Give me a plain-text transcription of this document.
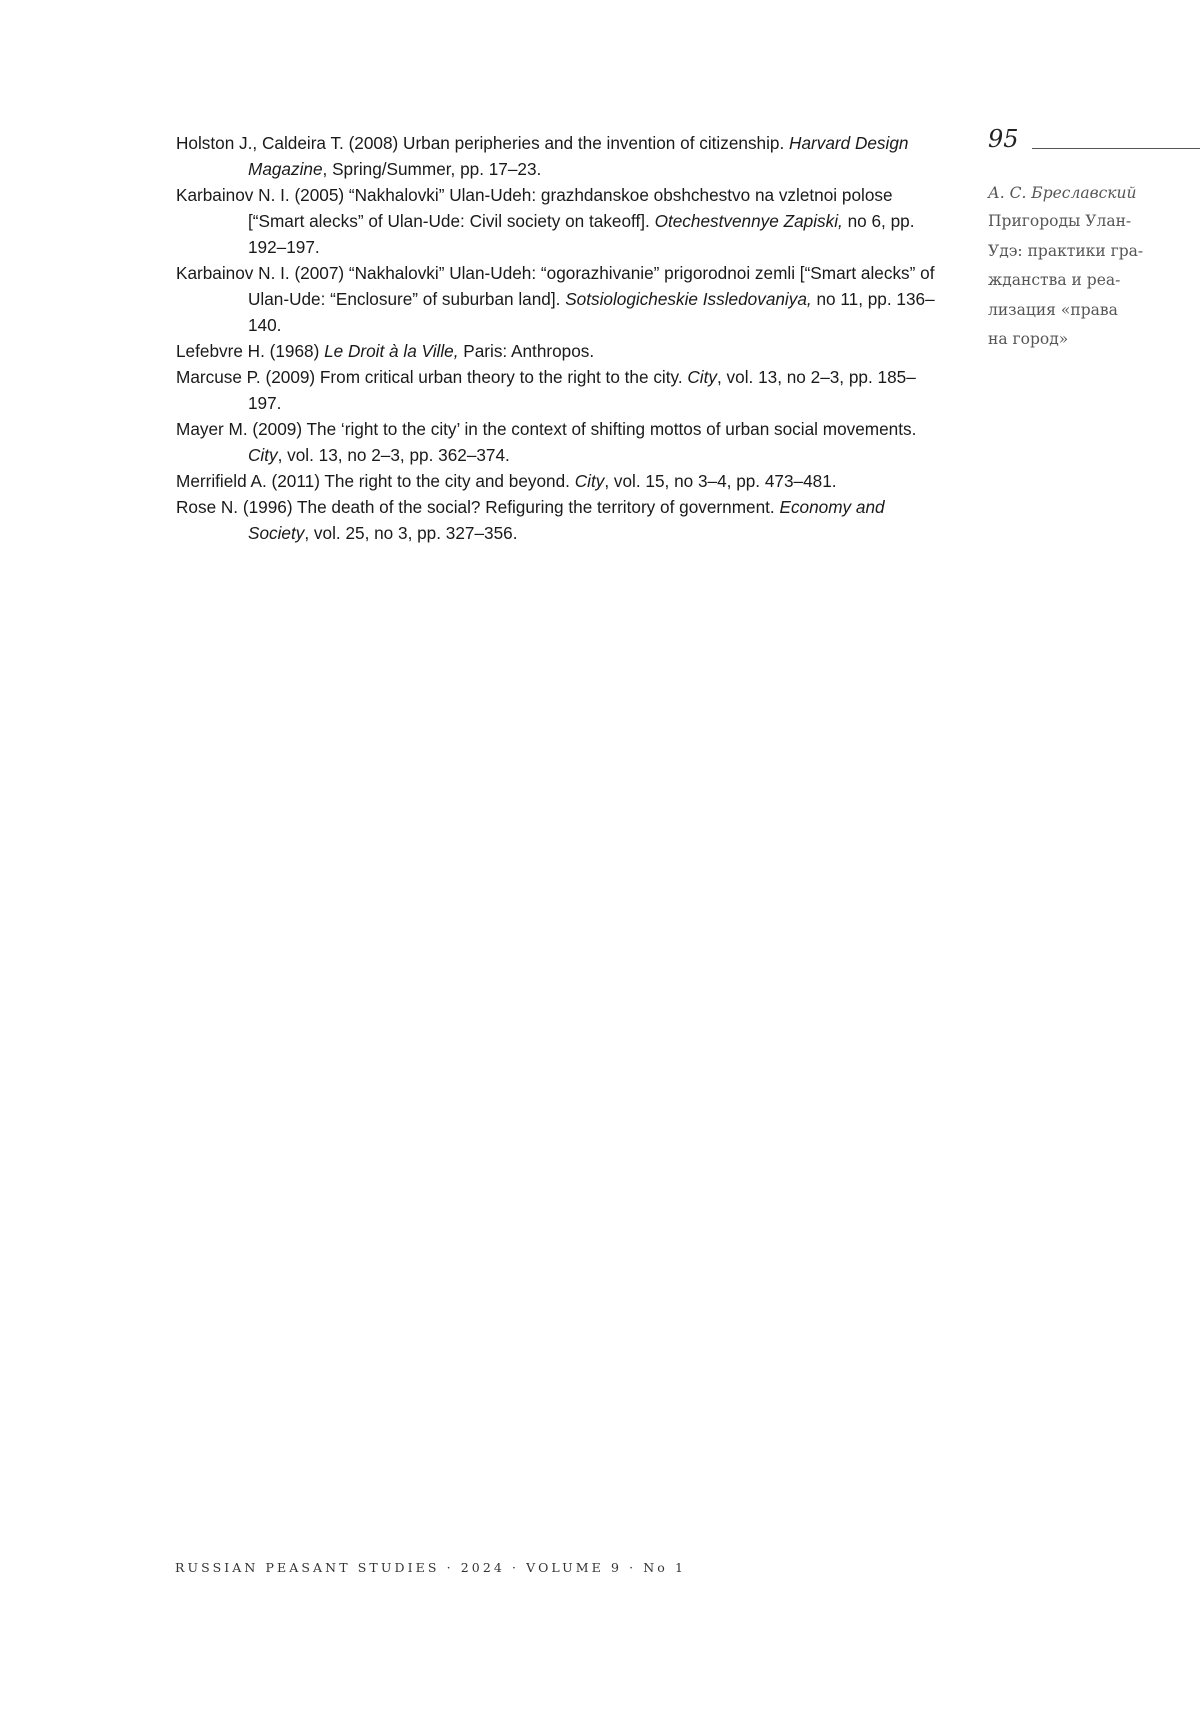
Holston J., Caldeira T. (2008) Urban peripheries and the invention of citizenship. Harvard Design Magazine, Spring/Summer, pp. 17–23.

Karbainov N. I. (2005) “Nakhalovki” Ulan-Udeh: grazhdanskoe obshchestvo na vzletnoi polose [“Smart alecks” of Ulan-Ude: Civil society on takeoff]. Otechestvennye Zapiski, no 6, pp. 192–197.

Karbainov N. I. (2007) “Nakhalovki” Ulan-Udeh: “ogorazhivanie” prigorodnoi zemli [“Smart alecks” of Ulan-Ude: “Enclosure” of suburban land]. Sotsiologicheskie Issledovaniya, no 11, pp. 136–140.

Lefebvre H. (1968) Le Droit à la Ville, Paris: Anthropos.

Marcuse P. (2009) From critical urban theory to the right to the city. City, vol. 13, no 2–3, pp. 185–197.

Mayer M. (2009) The ‘right to the city’ in the context of shifting mottos of urban social movements. City, vol. 13, no 2–3, pp. 362–374.

Merrifield A. (2011) The right to the city and beyond. City, vol. 15, no 3–4, pp. 473–481.

Rose N. (1996) The death of the social? Refiguring the territory of government. Economy and Society, vol. 25, no 3, pp. 327–356.

95
А. С. Бреславский
Пригороды Улан-
Удэ: практики гра-
жданства и реа-
лизация «права
на город»
RUSSIAN PEASANT STUDIES · 2024 · VOLUME 9 · No 1
